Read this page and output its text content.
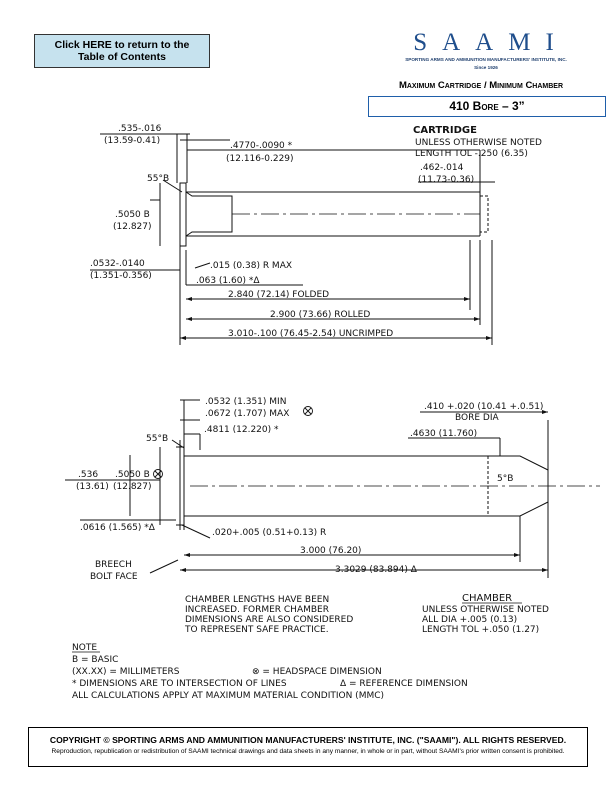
Click HERE to return to the
Table of Contents
SAAMI
SPORTING ARMS AND AMMUNITION MANUFACTURERS' INSTITUTE, INC.
Since 1926
Maximum Cartridge / Minimum Chamber
410 Bore – 3”
CARTRIDGE
UNLESS OTHERWISE NOTED
LENGTH TOL -.250 (6.35)
.535-.016
(13.59-0.41)	.4770-.0090 *
(12.116-0.229)
55°B
.462-.014
(11.73-0.36)
.5050 B
(12.827)
.0532-.0140
(1.351-0.356)
.015 (0.38) R MAX
.063 (1.60) *Δ
2.840 (72.14) FOLDED
2.900 (73.66) ROLLED
3.010-.100 (76.45-2.54) UNCRIMPED
.0532 (1.351) MIN
.0672 (1.707) MAX
55°B
.4811 (12.220) *
.410 +.020 (10.41 +.0.51)
BORE DIA
.4630 (11.760)
.536
(13.61)
.5050 B
(12.827)
5°B
.0616 (1.565) *Δ	.020+.005 (0.51+0.13) R
3.000 (76.20)
3.3029 (83.894) Δ
BREECH
BOLT FACE
CHAMBER LENGTHS HAVE BEEN
INCREASED. FORMER CHAMBER
DIMENSIONS ARE ALSO CONSIDERED
TO REPRESENT SAFE PRACTICE.
CHAMBER
UNLESS OTHERWISE NOTED
ALL DIA +.005 (0.13)
LENGTH TOL +.050 (1.27)
NOTE
B = BASIC
(XX.XX) = MILLIMETERS	⊗ = HEADSPACE DIMENSION
* DIMENSIONS ARE TO INTERSECTION OF LINES	Δ = REFERENCE DIMENSION
ALL CALCULATIONS APPLY AT MAXIMUM MATERIAL CONDITION (MMC)
COPYRIGHT © SPORTING ARMS AND AMMUNITION MANUFACTURERS' INSTITUTE, INC. ("SAAMI"). ALL RIGHTS RESERVED.
Reproduction, republication or redistribution of SAAMI technical drawings and data sheets in any manner, in whole or in part, without SAAMI's prior written consent is prohibited.
